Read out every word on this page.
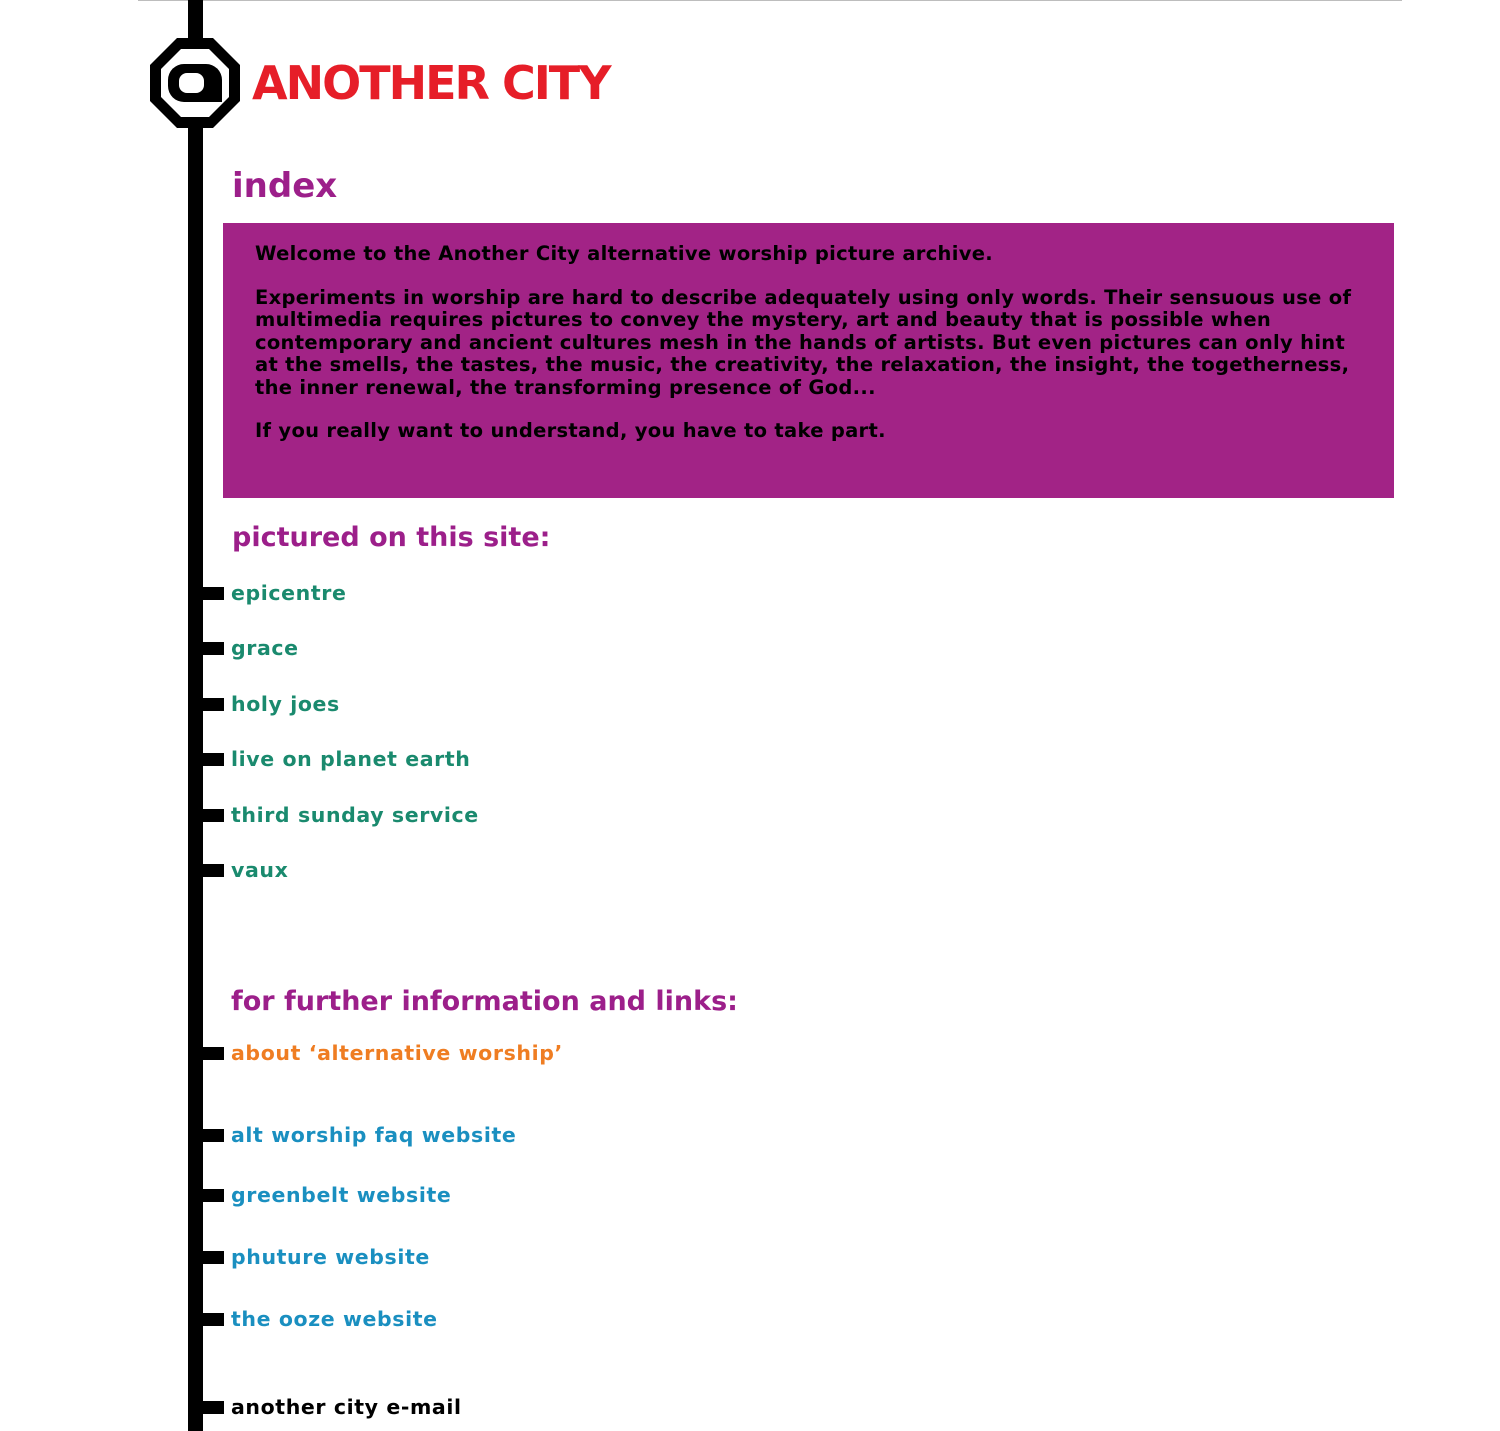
ANOTHER CITY
index

Welcome to the Another City alternative worship picture archive.

Experiments in worship are hard to describe adequately using only words. Their sensuous use of multimedia requires pictures to convey the mystery, art and beauty that is possible when contemporary and ancient cultures mesh in the hands of artists. But even pictures can only hint at the smells, the tastes, the music, the creativity, the relaxation, the insight, the togetherness, the inner renewal, the transforming presence of God...

If you really want to understand, you have to take part.

pictured on this site:
epicentre
grace
holy joes
live on planet earth
third sunday service
vaux
for further information and links:
about ‘alternative worship’
alt worship faq website
greenbelt website
phuture website
the ooze website
another city e-mail
